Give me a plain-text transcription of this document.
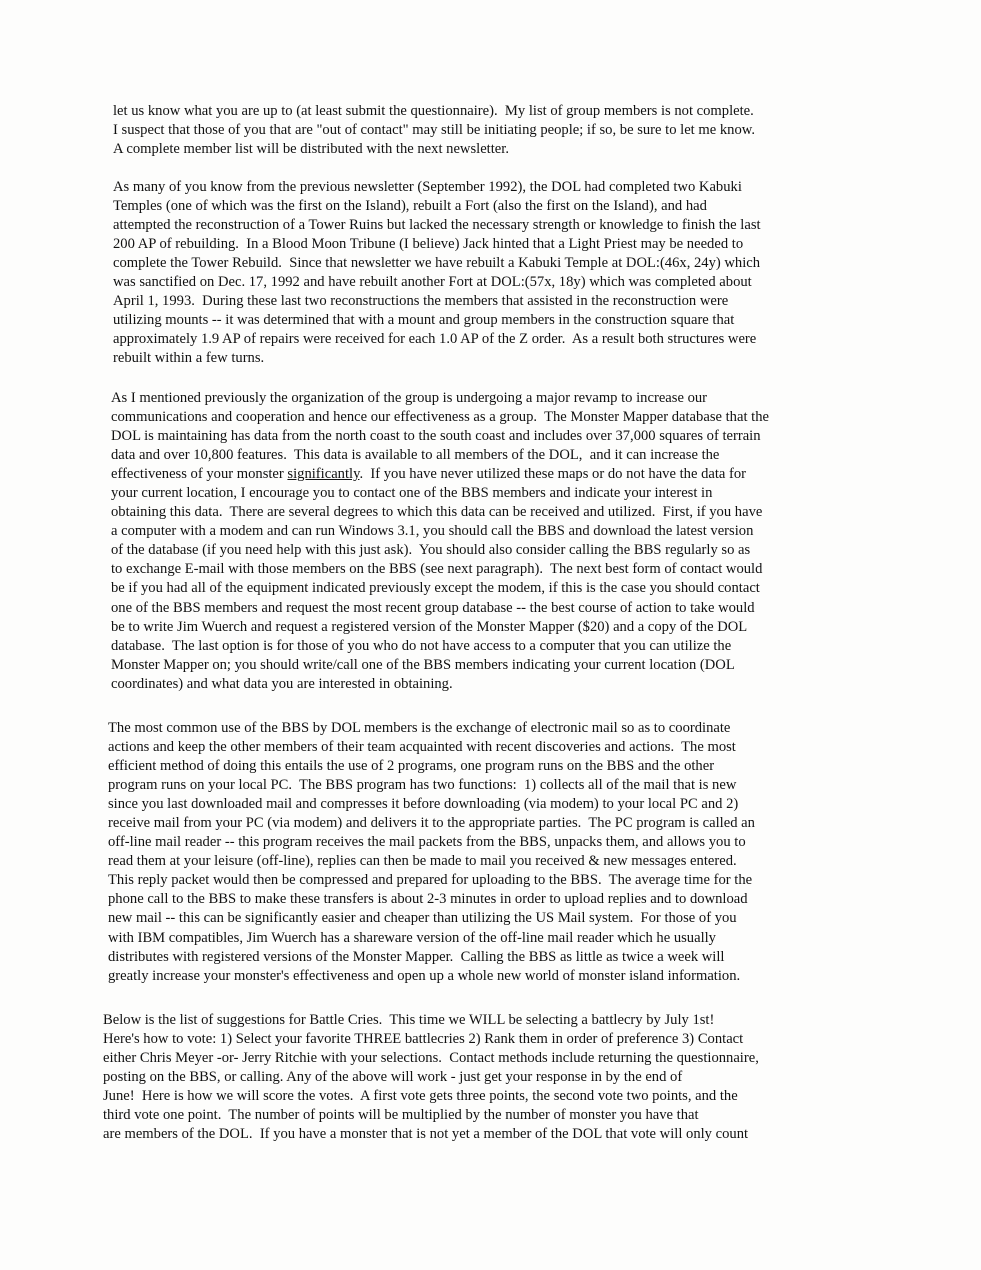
let us know what you are up to (at least submit the questionnaire).  My list of group members is not complete.
I suspect that those of you that are "out of contact" may still be initiating people; if so, be sure to let me know.
A complete member list will be distributed with the next newsletter.
As many of you know from the previous newsletter (September 1992), the DOL had completed two Kabuki
Temples (one of which was the first on the Island), rebuilt a Fort (also the first on the Island), and had
attempted the reconstruction of a Tower Ruins but lacked the necessary strength or knowledge to finish the last
200 AP of rebuilding.  In a Blood Moon Tribune (I believe) Jack hinted that a Light Priest may be needed to
complete the Tower Rebuild.  Since that newsletter we have rebuilt a Kabuki Temple at DOL:(46x, 24y) which
was sanctified on Dec. 17, 1992 and have rebuilt another Fort at DOL:(57x, 18y) which was completed about
April 1, 1993.  During these last two reconstructions the members that assisted in the reconstruction were
utilizing mounts -- it was determined that with a mount and group members in the construction square that
approximately 1.9 AP of repairs were received for each 1.0 AP of the Z order.  As a result both structures were
rebuilt within a few turns.
As I mentioned previously the organization of the group is undergoing a major revamp to increase our
communications and cooperation and hence our effectiveness as a group.  The Monster Mapper database that the
DOL is maintaining has data from the north coast to the south coast and includes over 37,000 squares of terrain
data and over 10,800 features.  This data is available to all members of the DOL,  and it can increase the
effectiveness of your monster significantly.  If you have never utilized these maps or do not have the data for
your current location, I encourage you to contact one of the BBS members and indicate your interest in
obtaining this data.  There are several degrees to which this data can be received and utilized.  First, if you have
a computer with a modem and can run Windows 3.1, you should call the BBS and download the latest version
of the database (if you need help with this just ask).  You should also consider calling the BBS regularly so as
to exchange E-mail with those members on the BBS (see next paragraph).  The next best form of contact would
be if you had all of the equipment indicated previously except the modem, if this is the case you should contact
one of the BBS members and request the most recent group database -- the best course of action to take would
be to write Jim Wuerch and request a registered version of the Monster Mapper ($20) and a copy of the DOL
database.  The last option is for those of you who do not have access to a computer that you can utilize the
Monster Mapper on; you should write/call one of the BBS members indicating your current location (DOL
coordinates) and what data you are interested in obtaining.
The most common use of the BBS by DOL members is the exchange of electronic mail so as to coordinate
actions and keep the other members of their team acquainted with recent discoveries and actions.  The most
efficient method of doing this entails the use of 2 programs, one program runs on the BBS and the other
program runs on your local PC.  The BBS program has two functions:  1) collects all of the mail that is new
since you last downloaded mail and compresses it before downloading (via modem) to your local PC and 2)
receive mail from your PC (via modem) and delivers it to the appropriate parties.  The PC program is called an
off-line mail reader -- this program receives the mail packets from the BBS, unpacks them, and allows you to
read them at your leisure (off-line), replies can then be made to mail you received & new messages entered.
This reply packet would then be compressed and prepared for uploading to the BBS.  The average time for the
phone call to the BBS to make these transfers is about 2-3 minutes in order to upload replies and to download
new mail -- this can be significantly easier and cheaper than utilizing the US Mail system.  For those of you
with IBM compatibles, Jim Wuerch has a shareware version of the off-line mail reader which he usually
distributes with registered versions of the Monster Mapper.  Calling the BBS as little as twice a week will
greatly increase your monster's effectiveness and open up a whole new world of monster island information.
Below is the list of suggestions for Battle Cries.  This time we WILL be selecting a battlecry by July 1st!
Here's how to vote: 1) Select your favorite THREE battlecries 2) Rank them in order of preference 3) Contact
either Chris Meyer -or- Jerry Ritchie with your selections.  Contact methods include returning the questionnaire,
posting on the BBS, or calling. Any of the above will work - just get your response in by the end of
June!  Here is how we will score the votes.  A first vote gets three points, the second vote two points, and the
third vote one point.  The number of points will be multiplied by the number of monster you have that
are members of the DOL.  If you have a monster that is not yet a member of the DOL that vote will only count
